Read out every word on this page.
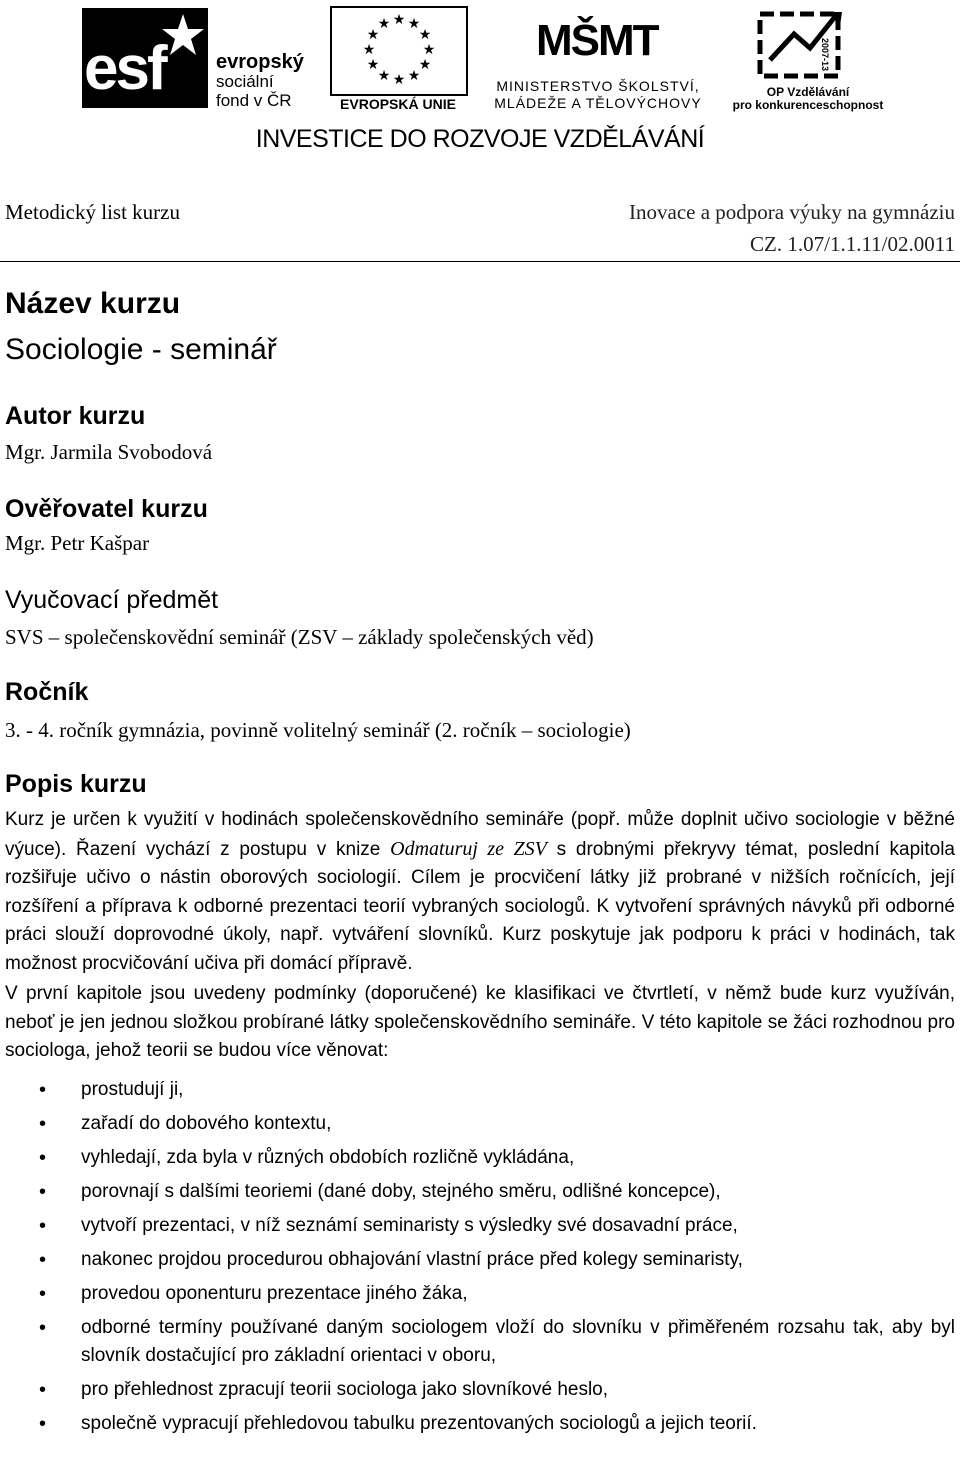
esf	evropský
sociální
fond v ČR
★ ★
★
★
★
★
★
★
★
★
★
★
EVROPSKÁ UNIE
MŠMT
MINISTERSTVO ŠKOLSTVÍ,
MLÁDEŽE A TĚLOVÝCHOVY
2007-13
OP Vzdělávání
pro konkurenceschopnost
INVESTICE DO ROZVOJE VZDĚLÁVÁNÍ
Metodický list kurzu	Inovace a podpora výuky na gymnáziu
CZ. 1.07/1.1.11/02.0011
Název kurzu
Sociologie - seminář
Autor kurzu
Mgr. Jarmila Svobodová
Ověřovatel kurzu
Mgr. Petr Kašpar
Vyučovací předmět
SVS – společenskovědní seminář (ZSV – základy společenských věd)
Ročník
3. - 4. ročník gymnázia, povinně volitelný seminář (2. ročník – sociologie)
Popis kurzu

Kurz je určen k využití v hodinách společenskovědního semináře (popř. může doplnit učivo sociologie v běžné výuce). Řazení vychází z postupu v knize Odmaturuj ze ZSV s drobnými překryvy témat, poslední kapitola rozšiřuje učivo o nástin oborových sociologií. Cílem je procvičení látky již probrané v nižších ročnících, její rozšíření a příprava k odborné prezentaci teorií vybraných sociologů. K vytvoření správných návyků při odborné práci slouží doprovodné úkoly, např. vytváření slovníků. Kurz poskytuje jak podporu k práci v hodinách, tak možnost procvičování učiva při domácí přípravě.

V první kapitole jsou uvedeny podmínky (doporučené) ke klasifikaci ve čtvrtletí, v němž bude kurz využíván, neboť je jen jednou složkou probírané látky společenskovědního semináře. V této kapitole se žáci rozhodnou pro sociologa, jehož teorii se budou více věnovat:

• prostudují ji,
• zařadí do dobového kontextu,
• vyhledají, zda byla v různých obdobích rozličně vykládána,
• porovnají s dalšími teoriemi (dané doby, stejného směru, odlišné koncepce),
• vytvoří prezentaci, v níž seznámí seminaristy s výsledky své dosavadní práce,
• nakonec projdou procedurou obhajování vlastní práce před kolegy seminaristy,
• provedou oponenturu prezentace jiného žáka,
• odborné termíny používané daným sociologem vloží do slovníku v přiměřeném rozsahu tak, aby byl slovník dostačující pro základní orientaci v oboru,
• pro přehlednost zpracují teorii sociologa jako slovníkové heslo,
• společně vypracují přehledovou tabulku prezentovaných sociologů a jejich teorií.
